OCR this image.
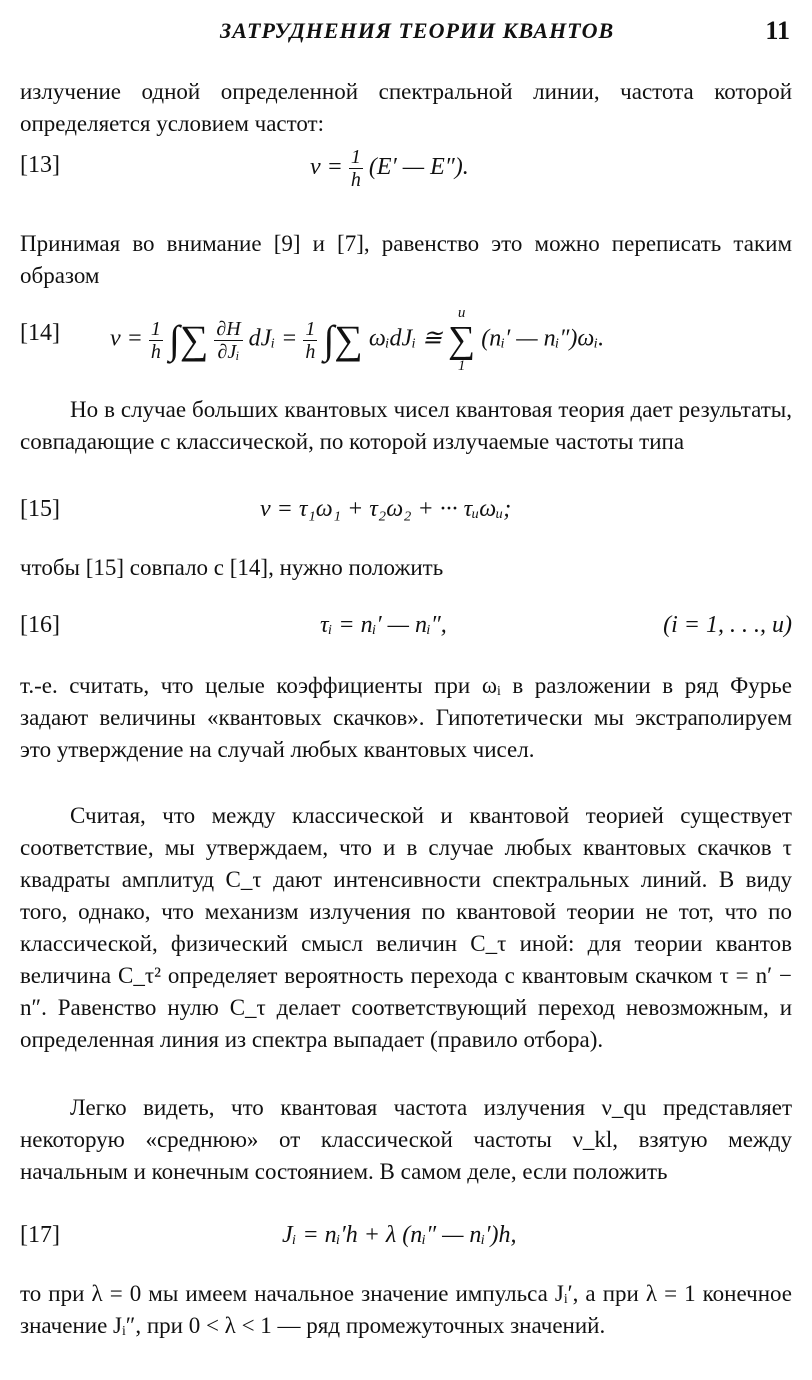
ЗАТРУДНЕНИЯ ТЕОРИИ КВАНТОВ	11
излучение одной определенной спектральной линии, частота которой определяется условием частот:
[13]	$\nu = \frac{1}{h} (E'$ — E″).
Принимая во внимание [9] и [7], равенство это можно переписать таким образом
[14] $\nu = \frac{1}{h}$ ∫∑ $\frac{\partial H}{\text{∂Jᵢ}}$ dJᵢ = $\frac{1}{h}$ ∫∑ ωᵢdJᵢ ≅
u
∑
1
(nᵢ′ — nᵢ″)ωᵢ.
Но в случае больших квантовых чисел квантовая теория дает результаты, совпадающие с классической, по которой излучаемые частоты типа
[15]	ν = τ₁ω₁ + τ₂ω₂ + ··· τᵤωᵤ;
чтобы [15] совпало с [14], нужно положить
[16]	τᵢ = nᵢ′ — nᵢ″,	(i = 1, . . ., u)
т.-е. считать, что целые коэффициенты при ωᵢ в разложении в ряд Фурье задают величины «квантовых скачков». Гипотетически мы экстраполируем это утверждение на случай любых квантовых чисел.
Считая, что между классической и квантовой теорией существует соответствие, мы утверждаем, что и в случае любых квантовых скачков τ квадраты амплитуд C_τ дают интенсивности спектральных линий. В виду того, однако, что механизм излучения по квантовой теории не тот, что по классической, физический смысл величин C_τ иной: для теории квантов величина C_τ² определяет вероятность перехода с квантовым скачком τ = n′ − n″. Равенство нулю C_τ делает соответствующий переход невозможным, и определенная линия из спектра выпадает (правило отбора).
Легко видеть, что квантовая частота излучения ν_qu представляет некоторую «среднюю» от классической частоты ν_kl, взятую между начальным и конечным состоянием. В самом деле, если положить
[17]	Jᵢ = nᵢ′h + λ (nᵢ″ — nᵢ′)h,
то при λ = 0 мы имеем начальное значение импульса Jᵢ′, а при λ = 1 конечное значение Jᵢ″, при 0 < λ < 1 — ряд промежуточных значений.
